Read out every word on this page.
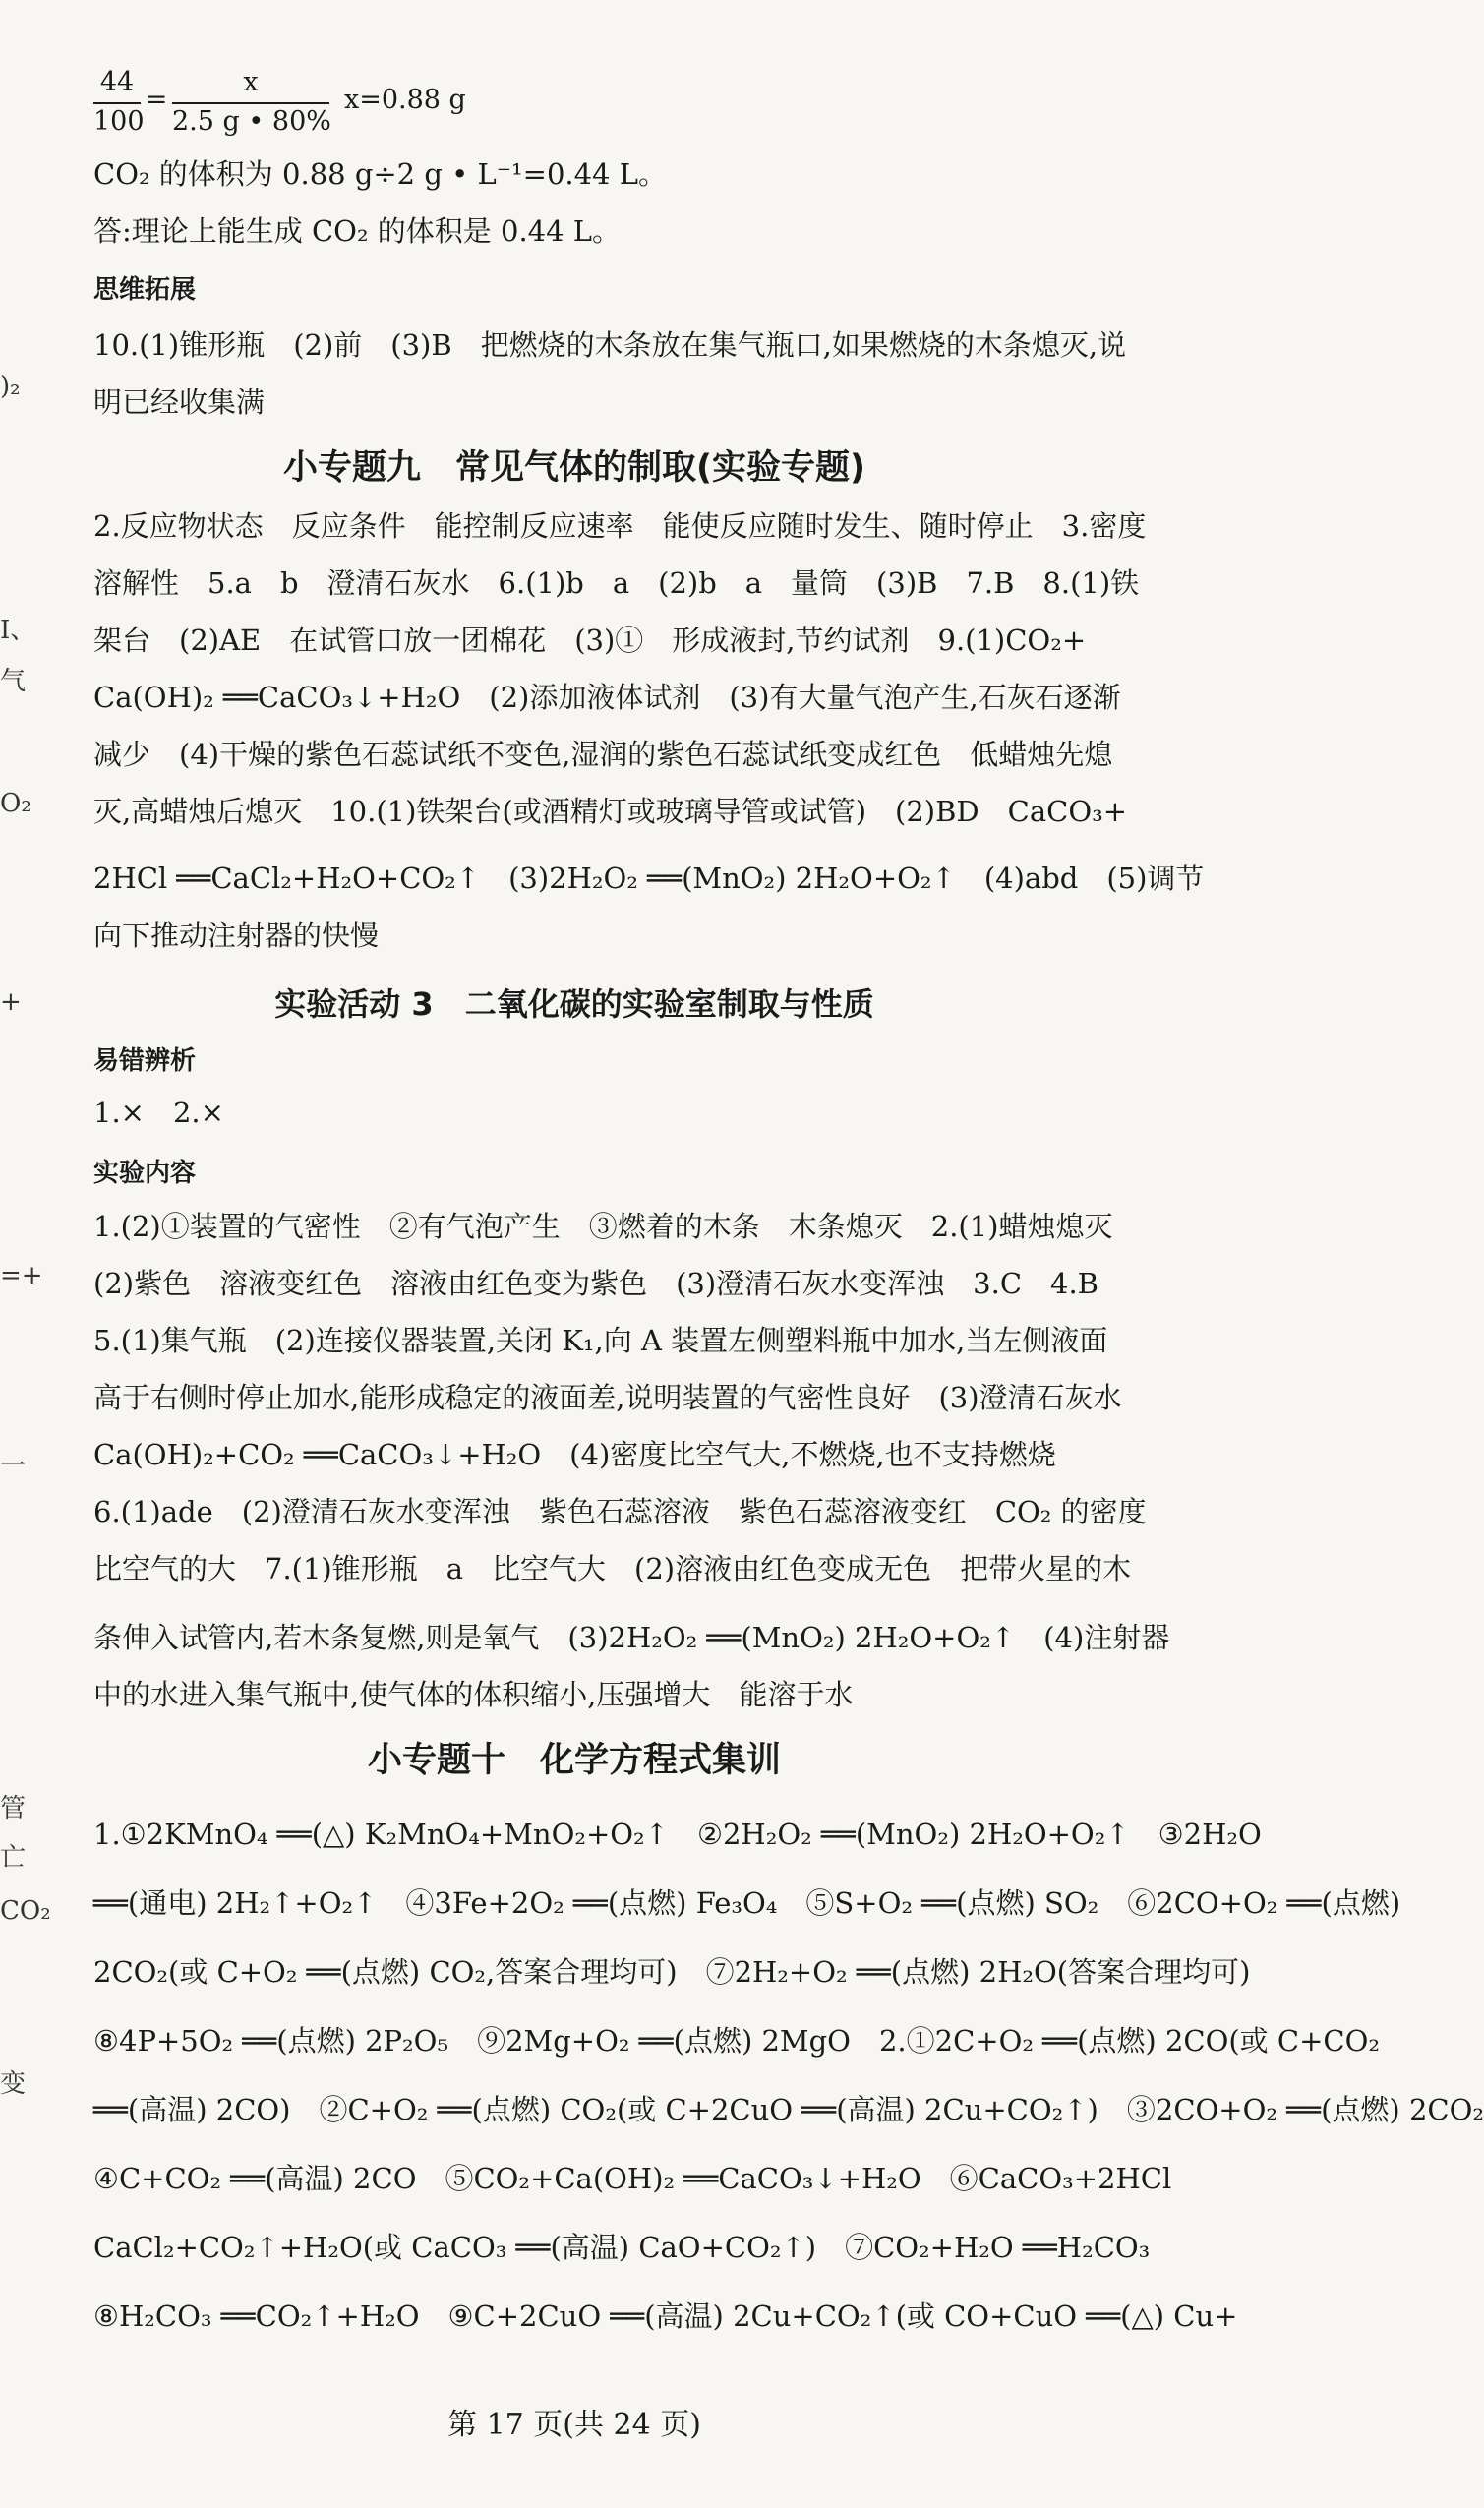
44
100
=
x
2.5 g • 80%
x=0.88 g
CO₂ 的体积为 0.88 g÷2 g • L⁻¹=0.44 L。
答:理论上能生成 CO₂ 的体积是 0.44 L。
思维拓展
10.(1)锥形瓶　(2)前　(3)B　把燃烧的木条放在集气瓶口,如果燃烧的木条熄灭,说
明已经收集满
小专题九　常见气体的制取(实验专题)
2.反应物状态　反应条件　能控制反应速率　能使反应随时发生、随时停止　3.密度
溶解性　5.a　b　澄清石灰水　6.(1)b　a　(2)b　a　量筒　(3)B　7.B　8.(1)铁
架台　(2)AE　在试管口放一团棉花　(3)①　形成液封,节约试剂　9.(1)CO₂+
Ca(OH)₂ ══CaCO₃↓+H₂O　(2)添加液体试剂　(3)有大量气泡产生,石灰石逐渐
减少　(4)干燥的紫色石蕊试纸不变色,湿润的紫色石蕊试纸变成红色　低蜡烛先熄
灭,高蜡烛后熄灭　10.(1)铁架台(或酒精灯或玻璃导管或试管)　(2)BD　CaCO₃+
2HCl ══CaCl₂+H₂O+CO₂↑　(3)2H₂O₂ ══(MnO₂) 2H₂O+O₂↑　(4)abd　(5)调节
向下推动注射器的快慢
实验活动 3　二氧化碳的实验室制取与性质
易错辨析
1.×　2.×
实验内容
1.(2)①装置的气密性　②有气泡产生　③燃着的木条　木条熄灭　2.(1)蜡烛熄灭
(2)紫色　溶液变红色　溶液由红色变为紫色　(3)澄清石灰水变浑浊　3.C　4.B
5.(1)集气瓶　(2)连接仪器装置,关闭 K₁,向 A 装置左侧塑料瓶中加水,当左侧液面
高于右侧时停止加水,能形成稳定的液面差,说明装置的气密性良好　(3)澄清石灰水
Ca(OH)₂+CO₂ ══CaCO₃↓+H₂O　(4)密度比空气大,不燃烧,也不支持燃烧
6.(1)ade　(2)澄清石灰水变浑浊　紫色石蕊溶液　紫色石蕊溶液变红　CO₂ 的密度
比空气的大　7.(1)锥形瓶　a　比空气大　(2)溶液由红色变成无色　把带火星的木
条伸入试管内,若木条复燃,则是氧气　(3)2H₂O₂ ══(MnO₂) 2H₂O+O₂↑　(4)注射器
中的水进入集气瓶中,使气体的体积缩小,压强增大　能溶于水
小专题十　化学方程式集训
1.①2KMnO₄ ══(△) K₂MnO₄+MnO₂+O₂↑　②2H₂O₂ ══(MnO₂) 2H₂O+O₂↑　③2H₂O
══(通电) 2H₂↑+O₂↑　④3Fe+2O₂ ══(点燃) Fe₃O₄　⑤S+O₂ ══(点燃) SO₂　⑥2CO+O₂ ══(点燃)
2CO₂(或 C+O₂ ══(点燃) CO₂,答案合理均可)　⑦2H₂+O₂ ══(点燃) 2H₂O(答案合理均可)
⑧4P+5O₂ ══(点燃) 2P₂O₅　⑨2Mg+O₂ ══(点燃) 2MgO　2.①2C+O₂ ══(点燃) 2CO(或 C+CO₂
══(高温) 2CO)　②C+O₂ ══(点燃) CO₂(或 C+2CuO ══(高温) 2Cu+CO₂↑)　③2CO+O₂ ══(点燃) 2CO₂
④C+CO₂ ══(高温) 2CO　⑤CO₂+Ca(OH)₂ ══CaCO₃↓+H₂O　⑥CaCO₃+2HCl
CaCl₂+CO₂↑+H₂O(或 CaCO₃ ══(高温) CaO+CO₂↑)　⑦CO₂+H₂O ══H₂CO₃
⑧H₂CO₃ ══CO₂↑+H₂O　⑨C+2CuO ══(高温) 2Cu+CO₂↑(或 CO+CuO ══(△) Cu+
第 17 页(共 24 页)
)₂
I、
气
O₂
+
=+
一
管
亡
CO₂
变
